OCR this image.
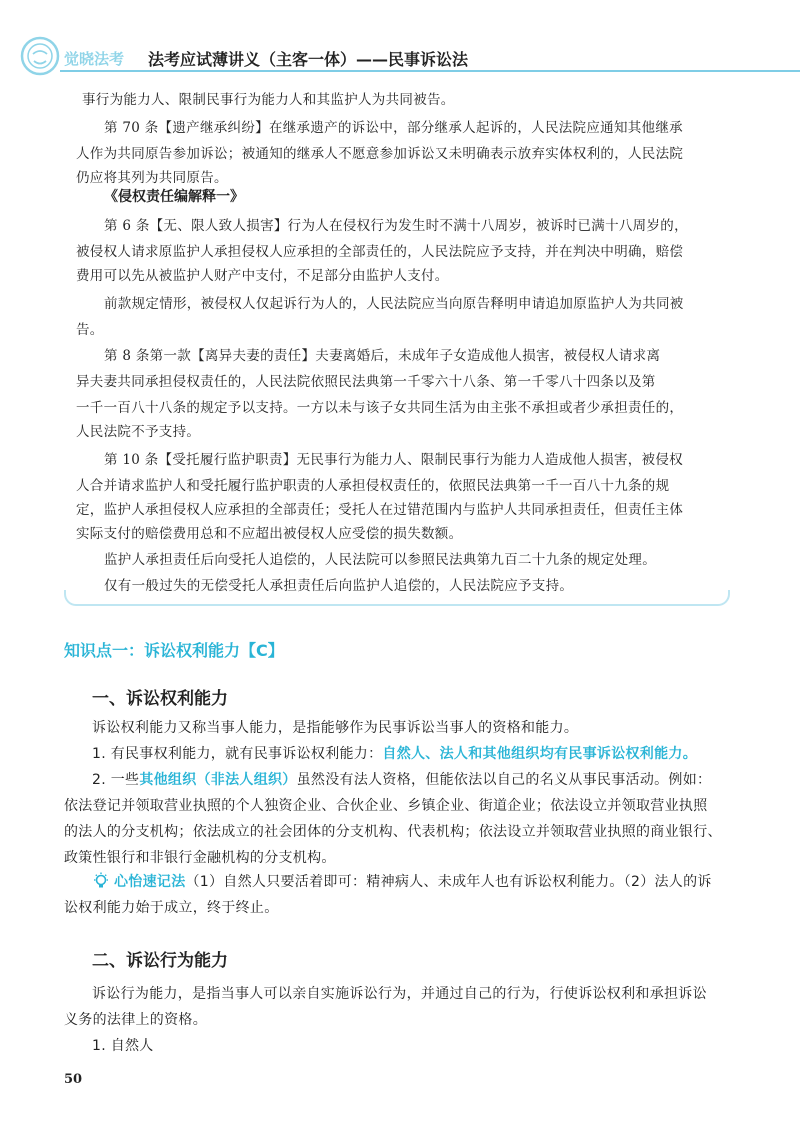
觉晓法考 法考应试薄讲义（主客一体）——民事诉讼法
事行为能力人、限制民事行为能力人和其监护人为共同被告。
第 70 条【遗产继承纠纷】在继承遗产的诉讼中，部分继承人起诉的，人民法院应通知其他继承
人作为共同原告参加诉讼；被通知的继承人不愿意参加诉讼又未明确表示放弃实体权利的，人民法院
仍应将其列为共同原告。
《侵权责任编解释一》
第 6 条【无、限人致人损害】行为人在侵权行为发生时不满十八周岁，被诉时已满十八周岁的，
被侵权人请求原监护人承担侵权人应承担的全部责任的，人民法院应予支持，并在判决中明确，赔偿
费用可以先从被监护人财产中支付，不足部分由监护人支付。
前款规定情形，被侵权人仅起诉行为人的，人民法院应当向原告释明申请追加原监护人为共同被
告。
第 8 条第一款【离异夫妻的责任】夫妻离婚后，未成年子女造成他人损害，被侵权人请求离
异夫妻共同承担侵权责任的，人民法院依照民法典第一千零六十八条、第一千零八十四条以及第
一千一百八十八条的规定予以支持。一方以未与该子女共同生活为由主张不承担或者少承担责任的，
人民法院不予支持。
第 10 条【受托履行监护职责】无民事行为能力人、限制民事行为能力人造成他人损害，被侵权
人合并请求监护人和受托履行监护职责的人承担侵权责任的，依照民法典第一千一百八十九条的规
定，监护人承担侵权人应承担的全部责任；受托人在过错范围内与监护人共同承担责任，但责任主体
实际支付的赔偿费用总和不应超出被侵权人应受偿的损失数额。
监护人承担责任后向受托人追偿的，人民法院可以参照民法典第九百二十九条的规定处理。
仅有一般过失的无偿受托人承担责任后向监护人追偿的，人民法院应予支持。
知识点一：诉讼权利能力【C】
一、诉讼权利能力
诉讼权利能力又称当事人能力，是指能够作为民事诉讼当事人的资格和能力。
1. 有民事权利能力，就有民事诉讼权利能力：自然人、法人和其他组织均有民事诉讼权利能力。
2. 一些其他组织（非法人组织）虽然没有法人资格，但能依法以自己的名义从事民事活动。例如：
依法登记并领取营业执照的个人独资企业、合伙企业、乡镇企业、街道企业；依法设立并领取营业执照
的法人的分支机构；依法成立的社会团体的分支机构、代表机构；依法设立并领取营业执照的商业银行、
政策性银行和非银行金融机构的分支机构。
心怡速记法（1）自然人只要活着即可：精神病人、未成年人也有诉讼权利能力。（2）法人的诉
讼权利能力始于成立，终于终止。
二、诉讼行为能力
诉讼行为能力，是指当事人可以亲自实施诉讼行为，并通过自己的行为，行使诉讼权利和承担诉讼
义务的法律上的资格。
1. 自然人
50
